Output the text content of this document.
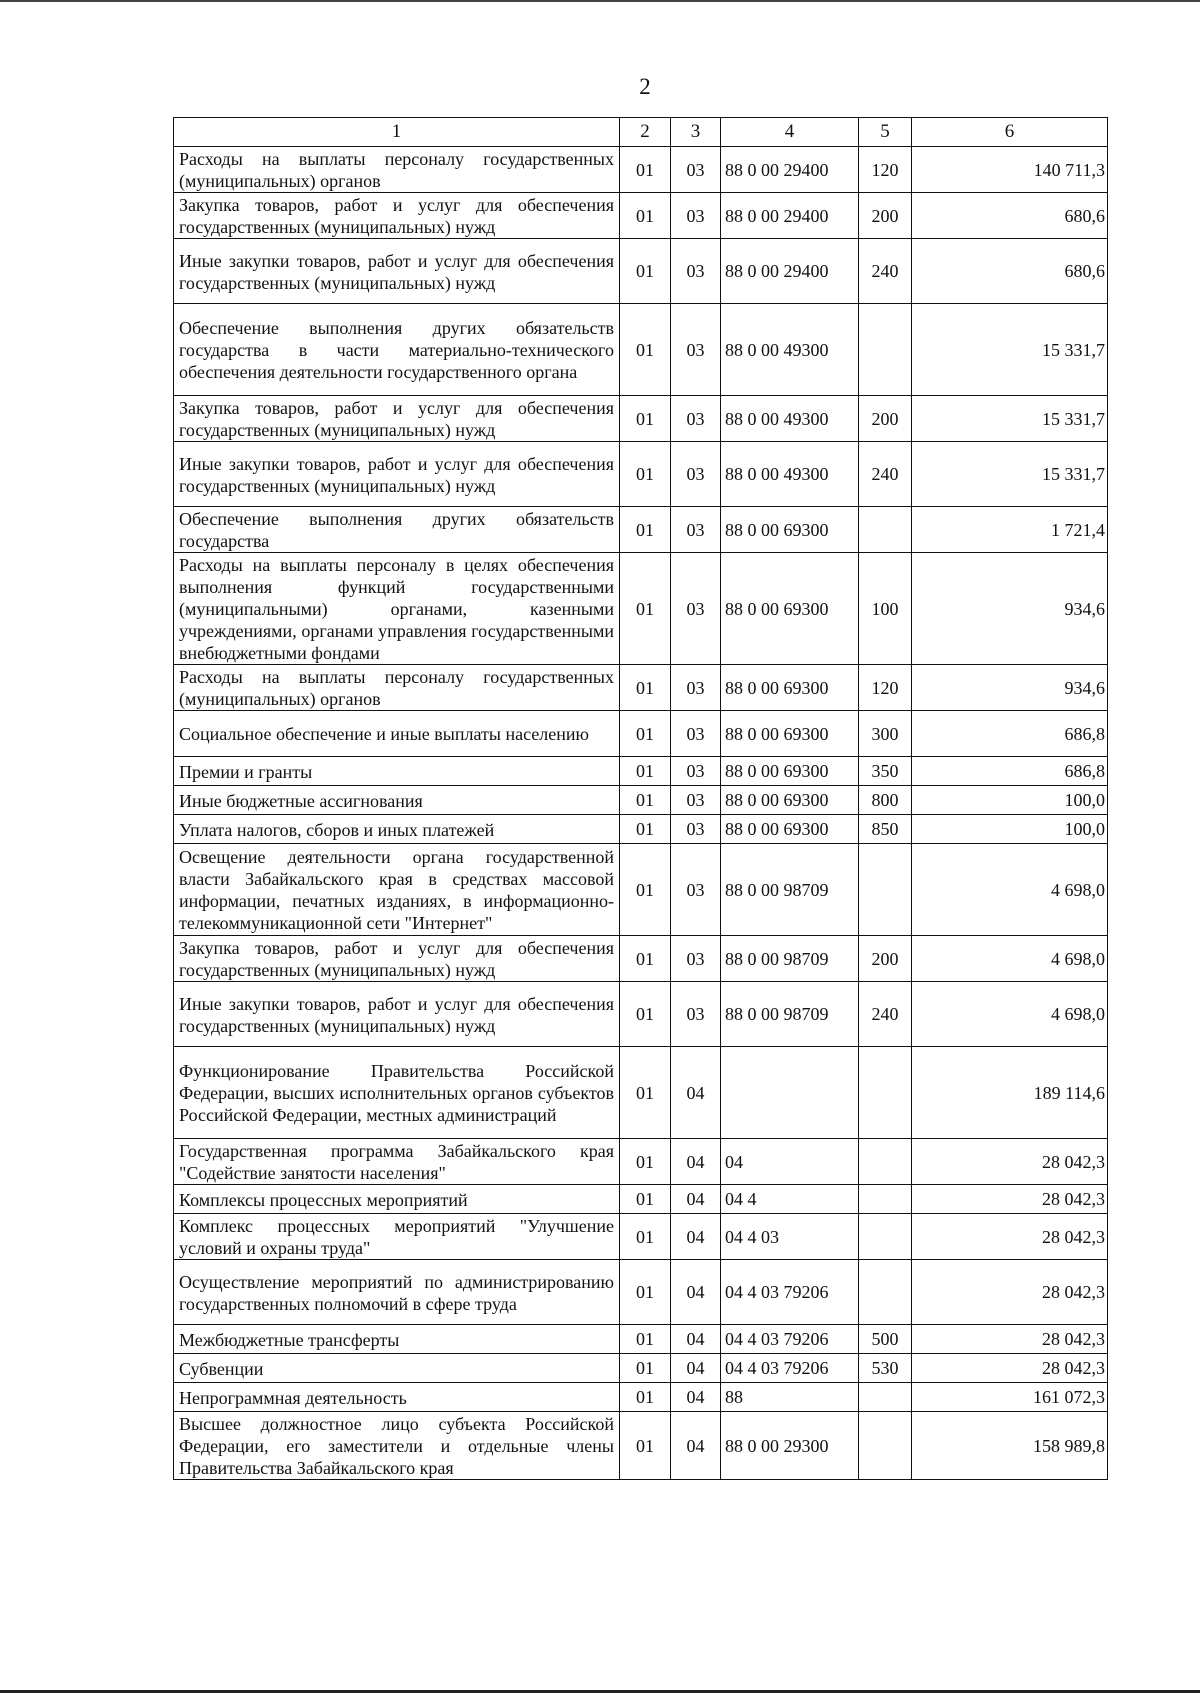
2
1	2	3	4	5	6
Расходы на выплаты персоналу государственных (муниципальных) органов	01	03	88 0 00 29400	120	140 711,3
Закупка товаров, работ и услуг для обеспечения государственных (муниципальных) нужд	01	03	88 0 00 29400	200	680,6
Иные закупки товаров, работ и услуг для обеспечения государственных (муниципальных) нужд	01	03	88 0 00 29400	240	680,6
Обеспечение выполнения других обязательств государства в части материально-технического обеспечения деятельности государственного органа	01	03	88 0 00 49300		15 331,7
Закупка товаров, работ и услуг для обеспечения государственных (муниципальных) нужд	01	03	88 0 00 49300	200	15 331,7
Иные закупки товаров, работ и услуг для обеспечения государственных (муниципальных) нужд	01	03	88 0 00 49300	240	15 331,7
Обеспечение выполнения других обязательств государства	01	03	88 0 00 69300		1 721,4
Расходы на выплаты персоналу в целях обеспечения выполнения функций государственными (муниципальными) органами, казенными учреждениями, органами управления государственными внебюджетными фондами	01	03	88 0 00 69300	100	934,6
Расходы на выплаты персоналу государственных (муниципальных) органов	01	03	88 0 00 69300	120	934,6
Социальное обеспечение и иные выплаты населению	01	03	88 0 00 69300	300	686,8
Премии и гранты	01	03	88 0 00 69300	350	686,8
Иные бюджетные ассигнования	01	03	88 0 00 69300	800	100,0
Уплата налогов, сборов и иных платежей	01	03	88 0 00 69300	850	100,0
Освещение деятельности органа государственной власти Забайкальского края в средствах массовой информации, печатных изданиях, в информационно-телекоммуникационной сети "Интернет"	01	03	88 0 00 98709		4 698,0
Закупка товаров, работ и услуг для обеспечения государственных (муниципальных) нужд	01	03	88 0 00 98709	200	4 698,0
Иные закупки товаров, работ и услуг для обеспечения государственных (муниципальных) нужд	01	03	88 0 00 98709	240	4 698,0
Функционирование Правительства Российской Федерации, высших исполнительных органов субъектов Российской Федерации, местных администраций	01	04			189 114,6
Государственная программа Забайкальского края "Содействие занятости населения"	01	04	04		28 042,3
Комплексы процессных мероприятий	01	04	04 4		28 042,3
Комплекс процессных мероприятий "Улучшение условий и охраны труда"	01	04	04 4 03		28 042,3
Осуществление мероприятий по администрированию государственных полномочий в сфере труда	01	04	04 4 03 79206		28 042,3
Межбюджетные трансферты	01	04	04 4 03 79206	500	28 042,3
Субвенции	01	04	04 4 03 79206	530	28 042,3
Непрограммная деятельность	01	04	88		161 072,3
Высшее должностное лицо субъекта Российской Федерации, его заместители и отдельные члены Правительства Забайкальского края	01	04	88 0 00 29300		158 989,8
